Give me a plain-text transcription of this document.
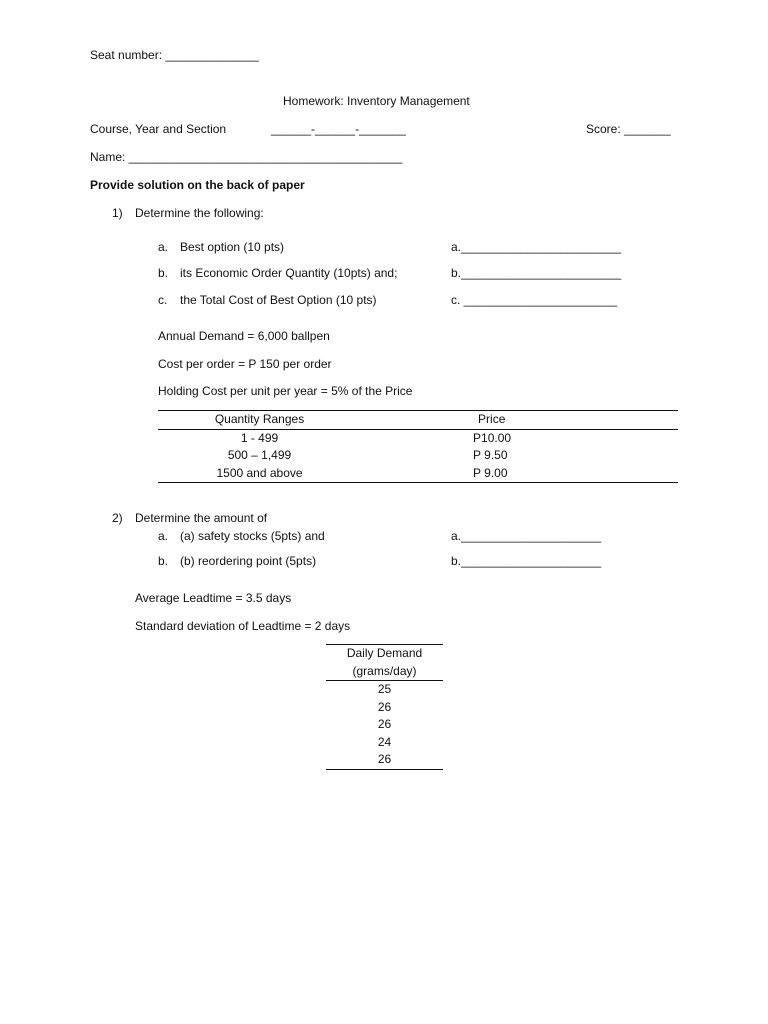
Seat number: ______________
Homework: Inventory Management
Course, Year and Section	______-______-_______	Score: _______
Name: _________________________________________
Provide solution on the back of paper
1) Determine the following:
a. Best option (10 pts)	a.________________________
b. its Economic Order Quantity (10pts) and;	b.________________________
c. the Total Cost of Best Option (10 pts)	c. _______________________
Annual Demand = 6,000 ballpen
Cost per order = P 150 per order
Holding Cost per unit per year = 5% of the Price
Quantity Ranges	Price
1 - 499	P10.00
500 – 1,499	P 9.50
1500 and above	P 9.00
2) Determine the amount of
a. (a) safety stocks (5pts) and	a._____________________
b. (b) reordering point (5pts)	b._____________________
Average Leadtime = 3.5 days
Standard deviation of Leadtime = 2 days
Daily Demand
(grams/day)
25
26
26
24
26
